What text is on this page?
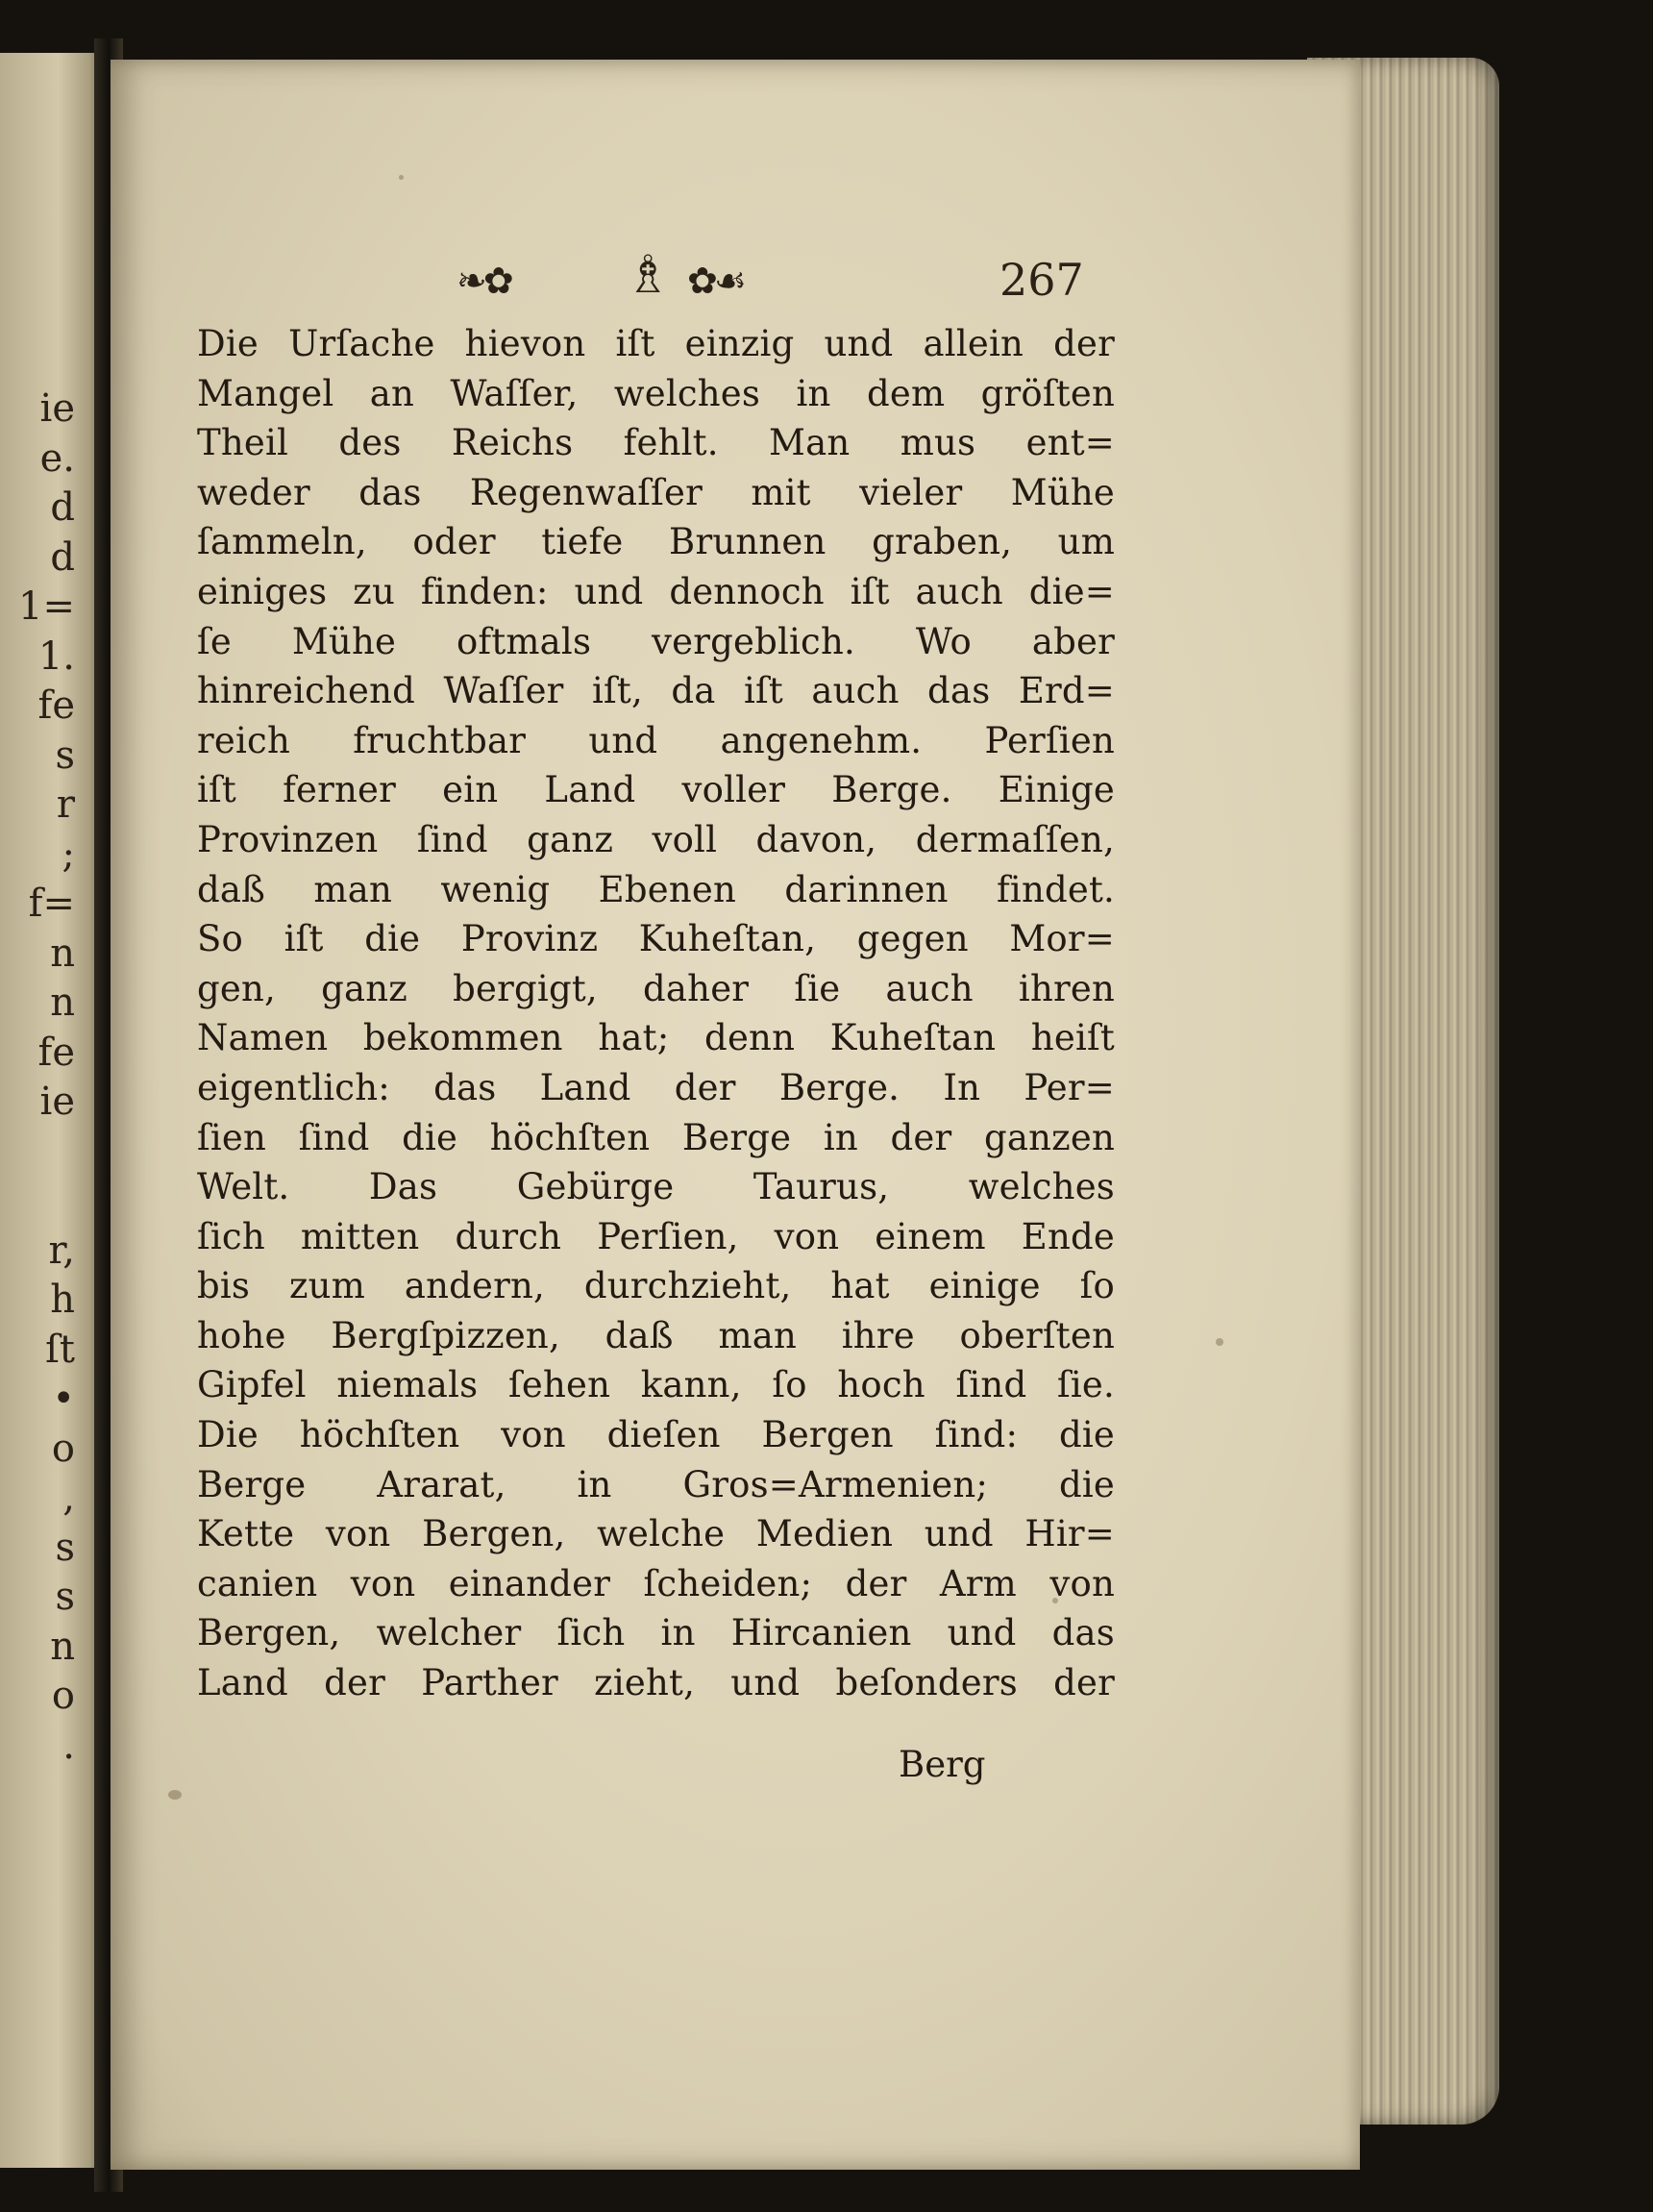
ie
e.
d
d
1=
1.
fe
s
r
;
f=
n
n
fe
ie
r,
h
ſt
•
o
,
s
s
n
o
.
❧✿ ♗ ✿☙	267
Die Urſache hievon iſt einzig und allein der
Mangel an Waſſer, welches in dem gröſten
Theil des Reichs fehlt. Man mus ent=
weder das Regenwaſſer mit vieler Mühe
ſammeln, oder tiefe Brunnen graben, um
einiges zu finden: und dennoch iſt auch die=
ſe Mühe oftmals vergeblich. Wo aber
hinreichend Waſſer iſt, da iſt auch das Erd=
reich fruchtbar und angenehm. Perſien
iſt ferner ein Land voller Berge. Einige
Provinzen ſind ganz voll davon, dermaſſen,
daß man wenig Ebenen darinnen findet.
So iſt die Provinz Kuheſtan, gegen Mor=
gen, ganz bergigt, daher ſie auch ihren
Namen bekommen hat; denn Kuheſtan heiſt
eigentlich: das Land der Berge. In Per=
ſien ſind die höchſten Berge in der ganzen
Welt. Das Gebürge Taurus, welches
ſich mitten durch Perſien, von einem Ende
bis zum andern, durchzieht, hat einige ſo
hohe Bergſpizzen, daß man ihre oberſten
Gipfel niemals ſehen kann, ſo hoch ſind ſie.
Die höchſten von dieſen Bergen ſind: die
Berge Ararat, in Gros=Armenien; die
Kette von Bergen, welche Medien und Hir=
canien von einander ſcheiden; der Arm von
Bergen, welcher ſich in Hircanien und das
Land der Parther zieht, und beſonders der
Berg
